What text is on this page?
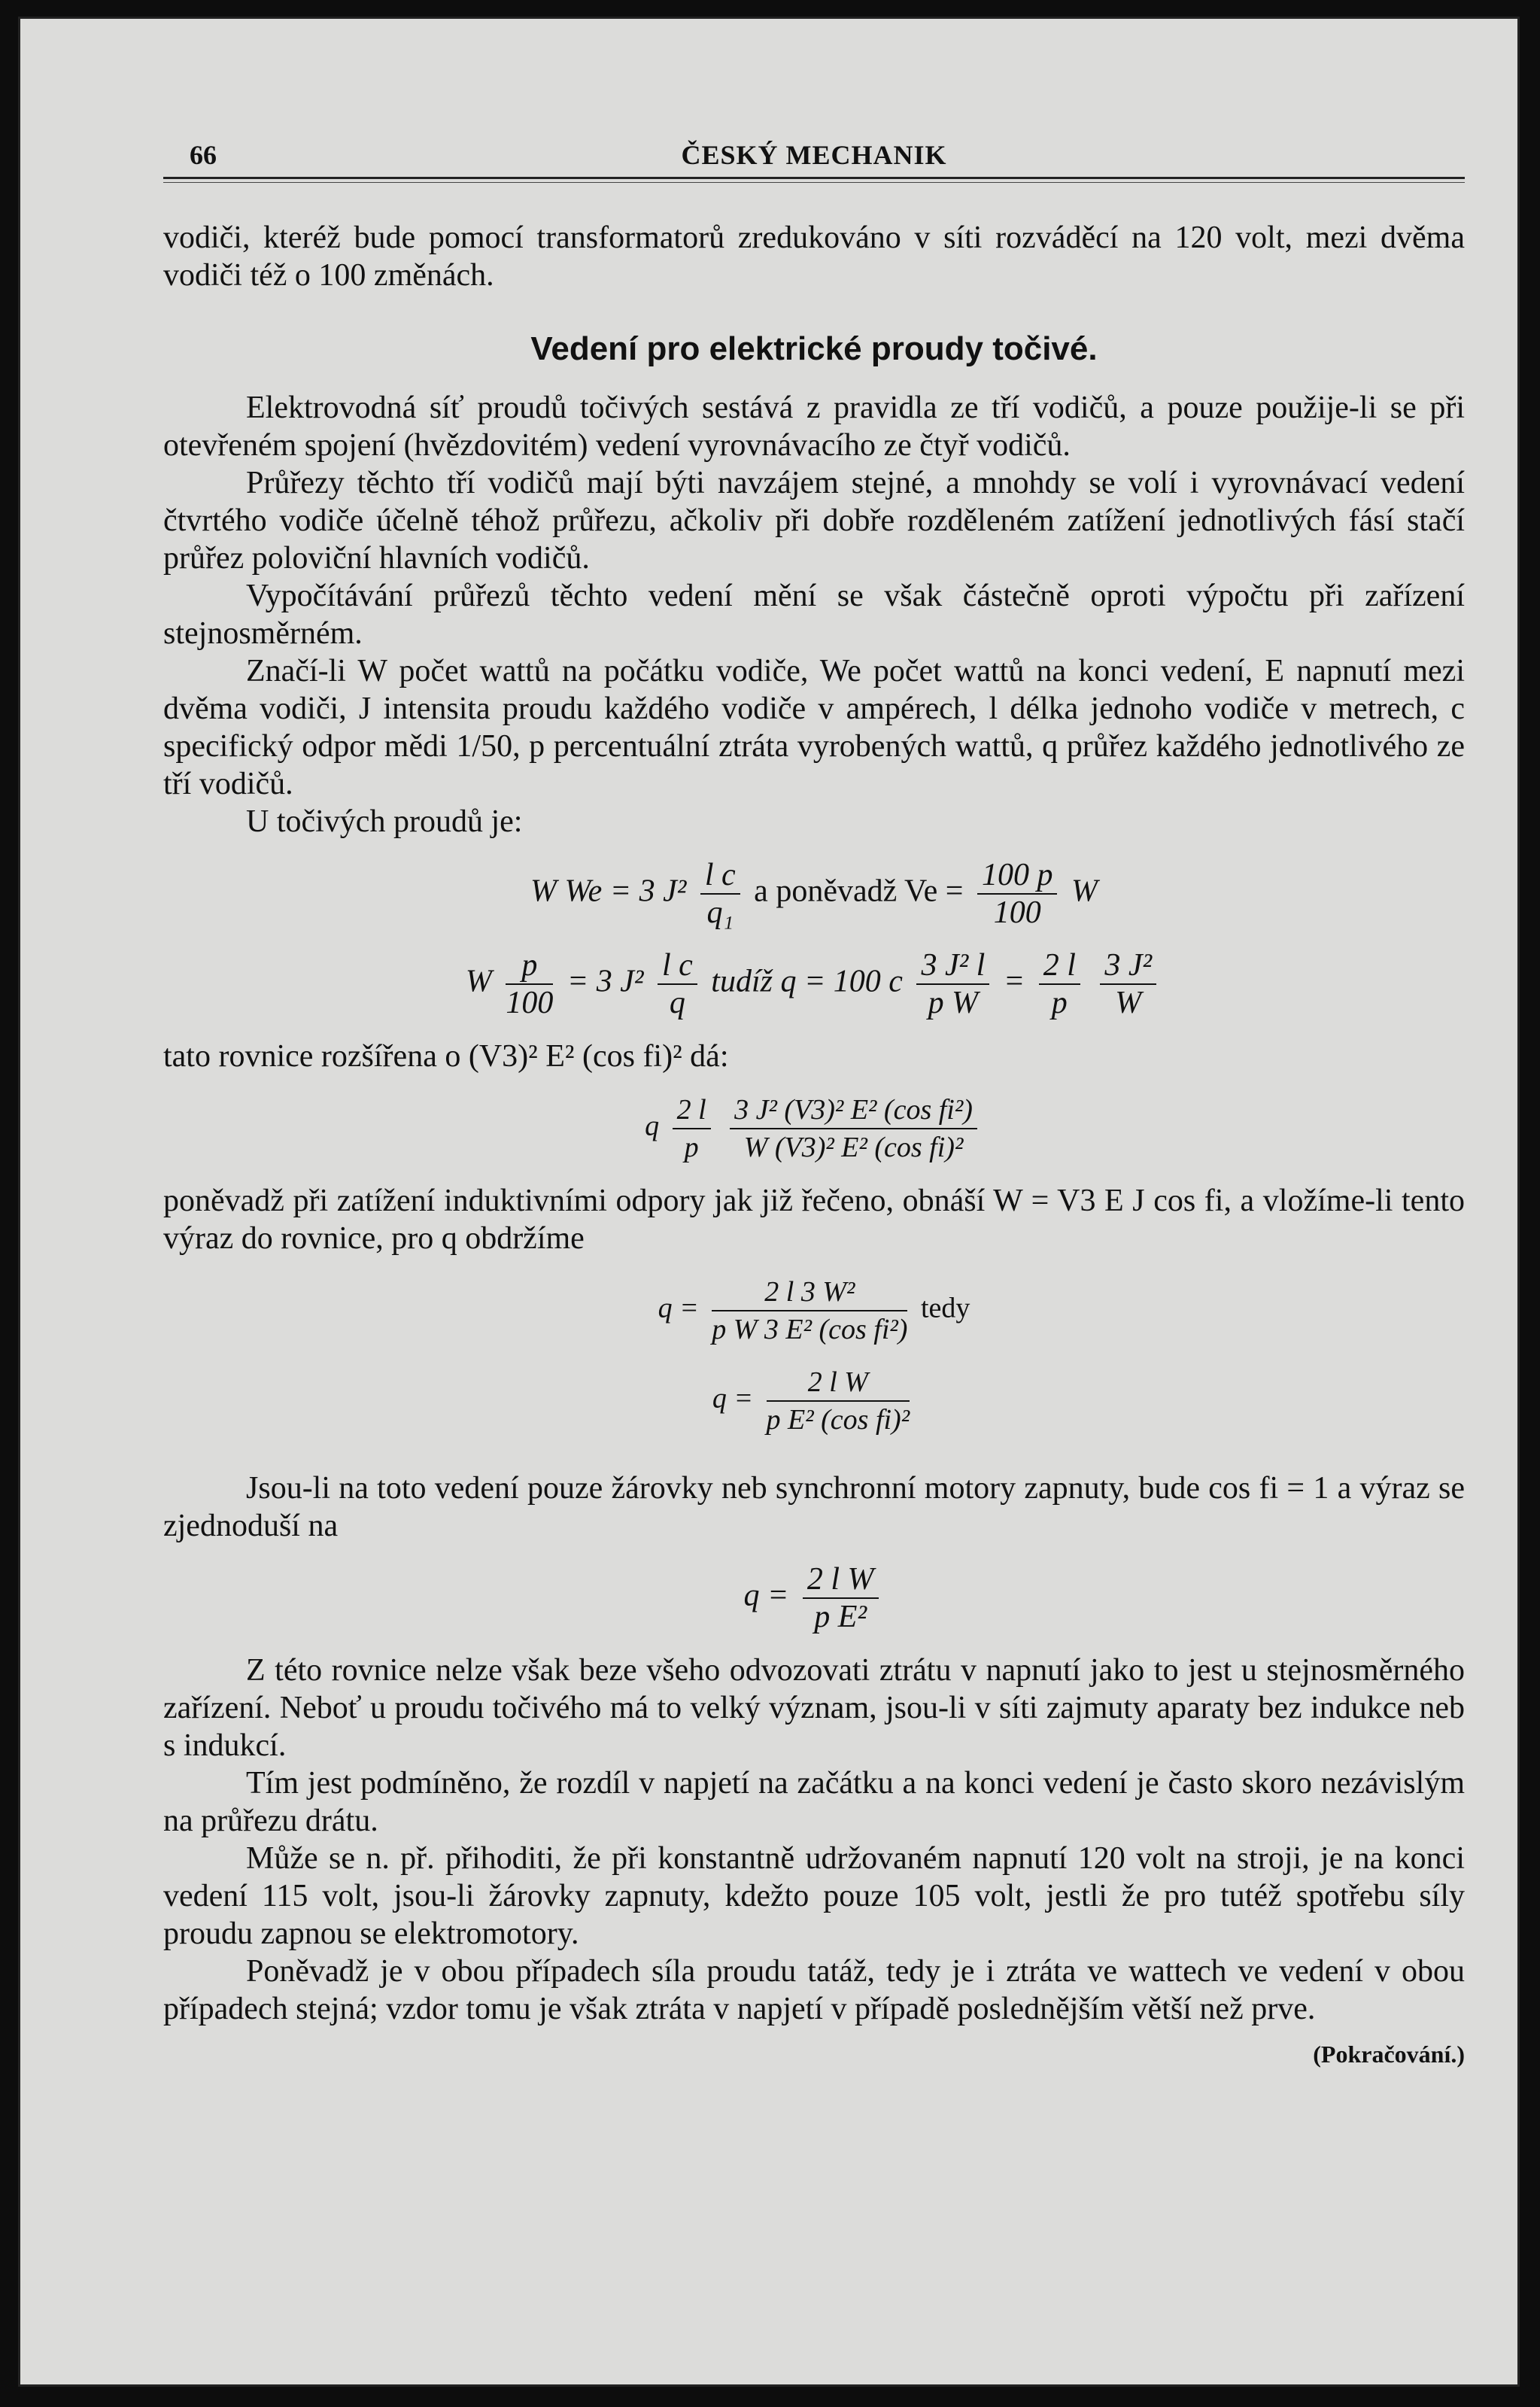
66	ČESKÝ MECHANIK

vodiči, kteréž bude pomocí transformatorů zredukováno v síti rozváděcí na 120 volt, mezi dvěma vodiči též o 100 změnách.

Vedení pro elektrické proudy točivé.

Elektrovodná síť proudů točivých sestává z pravidla ze tří vodičů, a pouze použije-li se při otevřeném spojení (hvězdovitém) vedení vyrovnávacího ze čtyř vodičů.

Průřezy těchto tří vodičů mají býti navzájem stejné, a mnohdy se volí i vyrovnávací vedení čtvrtého vodiče účelně téhož průřezu, ačkoliv při dobře rozděleném zatížení jednotlivých fásí stačí průřez poloviční hlavních vodičů.

Vypočítávání průřezů těchto vedení mění se však částečně oproti výpočtu při zařízení stejnosměrném.

Značí-li W počet wattů na počátku vodiče, We počet wattů na konci vedení, E napnutí mezi dvěma vodiči, J intensita proudu každého vodiče v ampérech, l délka jednoho vodiče v metrech, c specifický odpor mědi 1/50, p percentuální ztráta vyrobených wattů, q průřez každého jednotlivého ze tří vodičů.

U točivých proudů je:

W We = 3 $J^2 \frac{\text{l c}}{\text{q₁}}$ a poněvadž $Ve = \frac{100 p}{100}$ W
W $\frac{p}{100} = 3$ $J^2 \frac{\text{l c}}{q}$ tudíž q = 100 c $\frac{\text{3 J² l}}{\text{p W}} = \frac{2 l}{p}$
$\frac{\text{3 J²}}{W}$

tato rovnice rozšířena o (V3)² E² (cos fi)² dá:

q $\frac{2 l}{p}$
$\frac{\text{3 J² (V3)² E² (cos fi²)}}{\text{W (V3)² E² (cos fi)²}}$

poněvadž při zatížení induktivními odpory jak již řečeno, obnáší W = V3 E J cos fi, a vložíme-li tento výraz do rovnice, pro q obdržíme

$q = \frac{\text{2 l 3 W²}}{\text{p W 3 E² (cos fi²)}}$ tedy
$q = \frac{\text{2 l W}}{\text{p E² (cos fi)²}}$

Jsou-li na toto vedení pouze žárovky neb synchronní motory zapnuty, bude cos fi = 1 a výraz se zjednoduší na

$q = \frac{\text{2 l W}}{\text{p E²}}$

Z této rovnice nelze však beze všeho odvozovati ztrátu v napnutí jako to jest u stejnosměrného zařízení. Neboť u proudu točivého má to velký význam, jsou-li v síti zajmuty aparaty bez indukce neb s indukcí.

Tím jest podmíněno, že rozdíl v napjetí na začátku a na konci vedení je často skoro nezávislým na průřezu drátu.

Může se n. př. přihoditi, že při konstantně udržovaném napnutí 120 volt na stroji, je na konci vedení 115 volt, jsou-li žárovky zapnuty, kdežto pouze 105 volt, jestli že pro tutéž spotřebu síly proudu zapnou se elektromotory.

Poněvadž je v obou případech síla proudu tatáž, tedy je i ztráta ve wattech ve vedení v obou případech stejná; vzdor tomu je však ztráta v napjetí v případě poslednějším větší než prve.
(Pokračování.)
